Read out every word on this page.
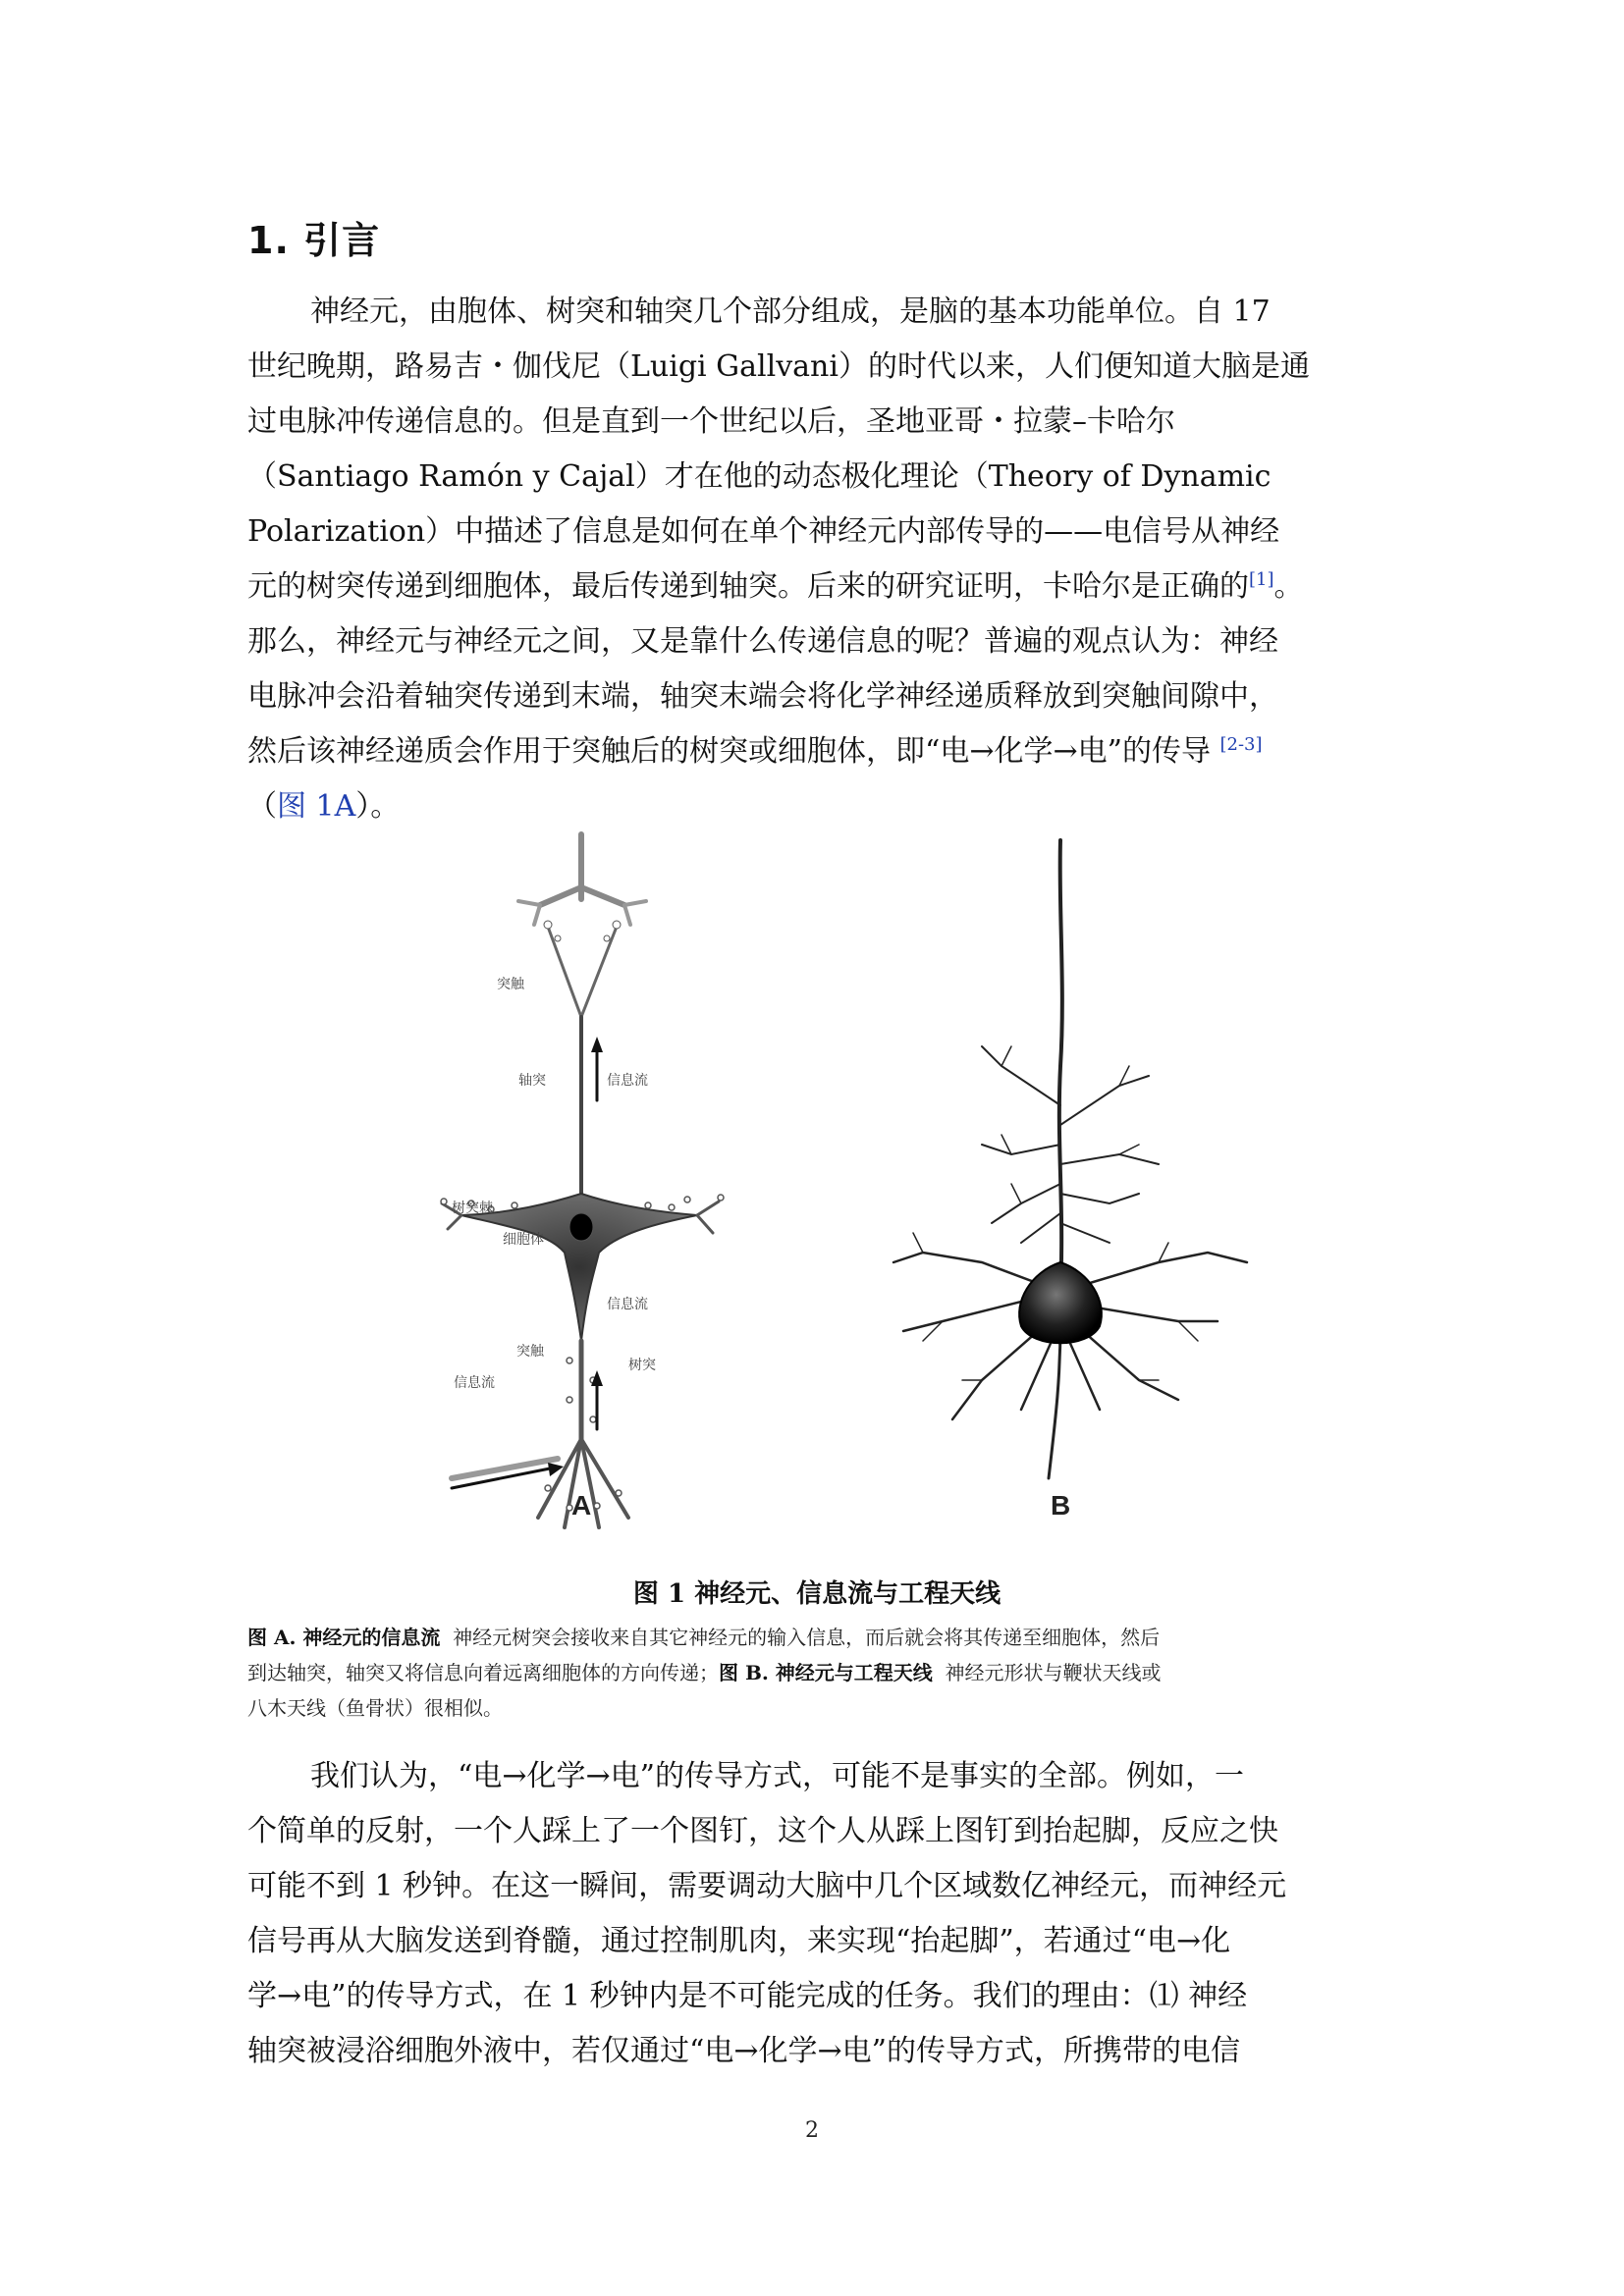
1. 引言
神经元，由胞体、树突和轴突几个部分组成，是脑的基本功能单位。自 17
世纪晚期，路易吉・伽伐尼（Luigi Gallvani）的时代以来，人们便知道大脑是通
过电脉冲传递信息的。但是直到一个世纪以后，圣地亚哥・拉蒙–卡哈尔
（Santiago Ramón y Cajal）才在他的动态极化理论（Theory of Dynamic
Polarization）中描述了信息是如何在单个神经元内部传导的——电信号从神经
元的树突传递到细胞体，最后传递到轴突。后来的研究证明，卡哈尔是正确的[1]。
那么，神经元与神经元之间，又是靠什么传递信息的呢？普遍的观点认为：神经
电脉冲会沿着轴突传递到末端，轴突末端会将化学神经递质释放到突触间隙中，
然后该神经递质会作用于突触后的树突或细胞体，即“电→化学→电”的传导 [2-3]
（图 1A）。
A	B
突触
轴突	信息流
树突棘
细胞体
信息流
突触
信息流
树突
图 1 神经元、信息流与工程天线
图 A. 神经元的信息流 神经元树突会接收来自其它神经元的输入信息，而后就会将其传递至细胞体，然后
到达轴突，轴突又将信息向着远离细胞体的方向传递；图 B. 神经元与工程天线 神经元形状与鞭状天线或
八木天线（鱼骨状）很相似。
我们认为，“电→化学→电”的传导方式，可能不是事实的全部。例如，一
个简单的反射，一个人踩上了一个图钉，这个人从踩上图钉到抬起脚，反应之快
可能不到 1 秒钟。在这一瞬间，需要调动大脑中几个区域数亿神经元，而神经元
信号再从大脑发送到脊髓，通过控制肌肉，来实现“抬起脚”，若通过“电→化
学→电”的传导方式，在 1 秒钟内是不可能完成的任务。我们的理由：⑴ 神经
轴突被浸浴细胞外液中，若仅通过“电→化学→电”的传导方式，所携带的电信
2
